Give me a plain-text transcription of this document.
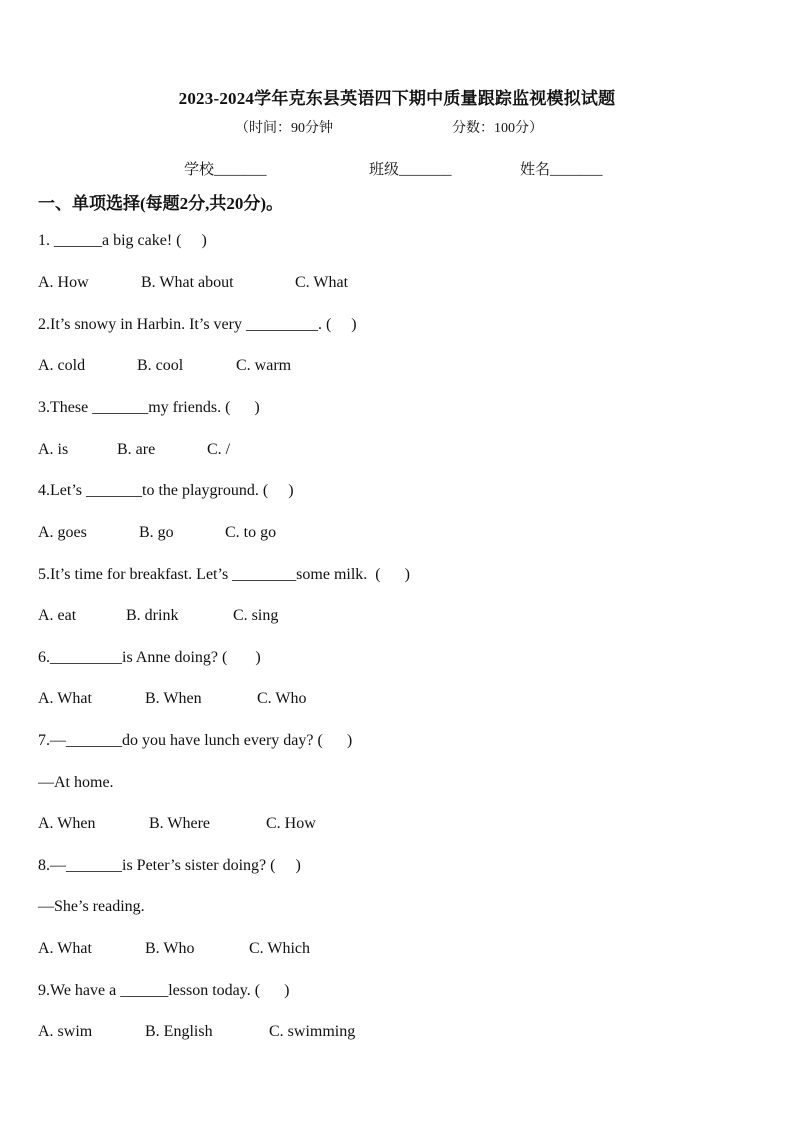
2023-2024学年克东县英语四下期中质量跟踪监视模拟试题
（时间：90分钟	分数：100分）
学校_______	班级_______	姓名_______
一、单项选择(每题2分,共20分)。
1. ______a big cake! (     )
A. How	B. What about	C. What
2.It’s snowy in Harbin. It’s very _________. (     )
A. cold	B. cool	C. warm
3.These _______my friends. (      )
A. is	B. are	C. /
4.Let’s _______to the playground. (     )
A. goes	B. go	C. to go
5.It’s time for breakfast. Let’s ________some milk.  (      )
A. eat	B. drink	C. sing
6._________is Anne doing? (       )
A. What	B. When	C. Who
7.—_______do you have lunch every day? (      )
—At home.
A. When	B. Where	C. How
8.—_______is Peter’s sister doing? (     )
—She’s reading.
A. What	B. Who	C. Which
9.We have a ______lesson today. (      )
A. swim	B. English	C. swimming
